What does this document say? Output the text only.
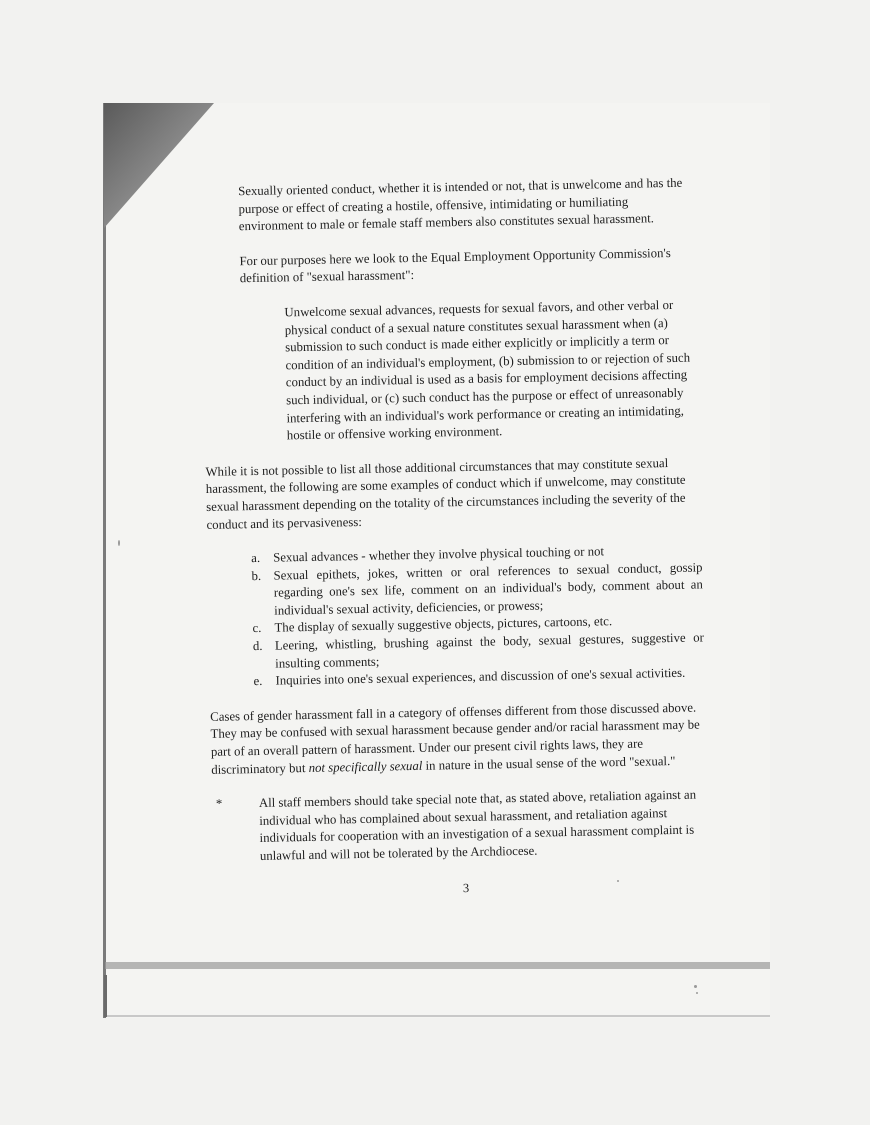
Sexually oriented conduct, whether it is intended or not, that is unwelcome and has the purpose or effect of creating a hostile, offensive, intimidating or humiliating environment to male or female staff members also constitutes sexual harassment.

For our purposes here we look to the Equal Employment Opportunity Commission's definition of "sexual harassment":

Unwelcome sexual advances, requests for sexual favors, and other verbal or physical conduct of a sexual nature constitutes sexual harassment when (a) submission to such conduct is made either explicitly or implicitly a term or condition of an individual's employment, (b) submission to or rejection of such conduct by an individual is used as a basis for employment decisions affecting such individual, or (c) such conduct has the purpose or effect of unreasonably interfering with an individual's work performance or creating an intimidating, hostile or offensive working environment.

While it is not possible to list all those additional circumstances that may constitute sexual harassment, the following are some examples of conduct which if unwelcome, may constitute sexual harassment depending on the totality of the circumstances including the severity of the conduct and its pervasiveness:

a.	Sexual advances - whether they involve physical touching or not
b. Sexual epithets, jokes, written or oral references to sexual conduct, gossip regarding one's sex life, comment on an individual's body, comment about an individual's sexual activity, deficiencies, or prowess;
c.	The display of sexually suggestive objects, pictures, cartoons, etc.
d. Leering, whistling, brushing against the body, sexual gestures, suggestive or insulting comments;
e.	Inquiries into one's sexual experiences, and discussion of one's sexual activities.

Cases of gender harassment fall in a category of offenses different from those discussed above. They may be confused with sexual harassment because gender and/or racial harassment may be part of an overall pattern of harassment. Under our present civil rights laws, they are discriminatory but not specifically sexual in nature in the usual sense of the word "sexual."

*	All staff members should take special note that, as stated above, retaliation against an individual who has complained about sexual harassment, and retaliation against individuals for cooperation with an investigation of a sexual harassment complaint is unlawful and will not be tolerated by the Archdiocese.
3
